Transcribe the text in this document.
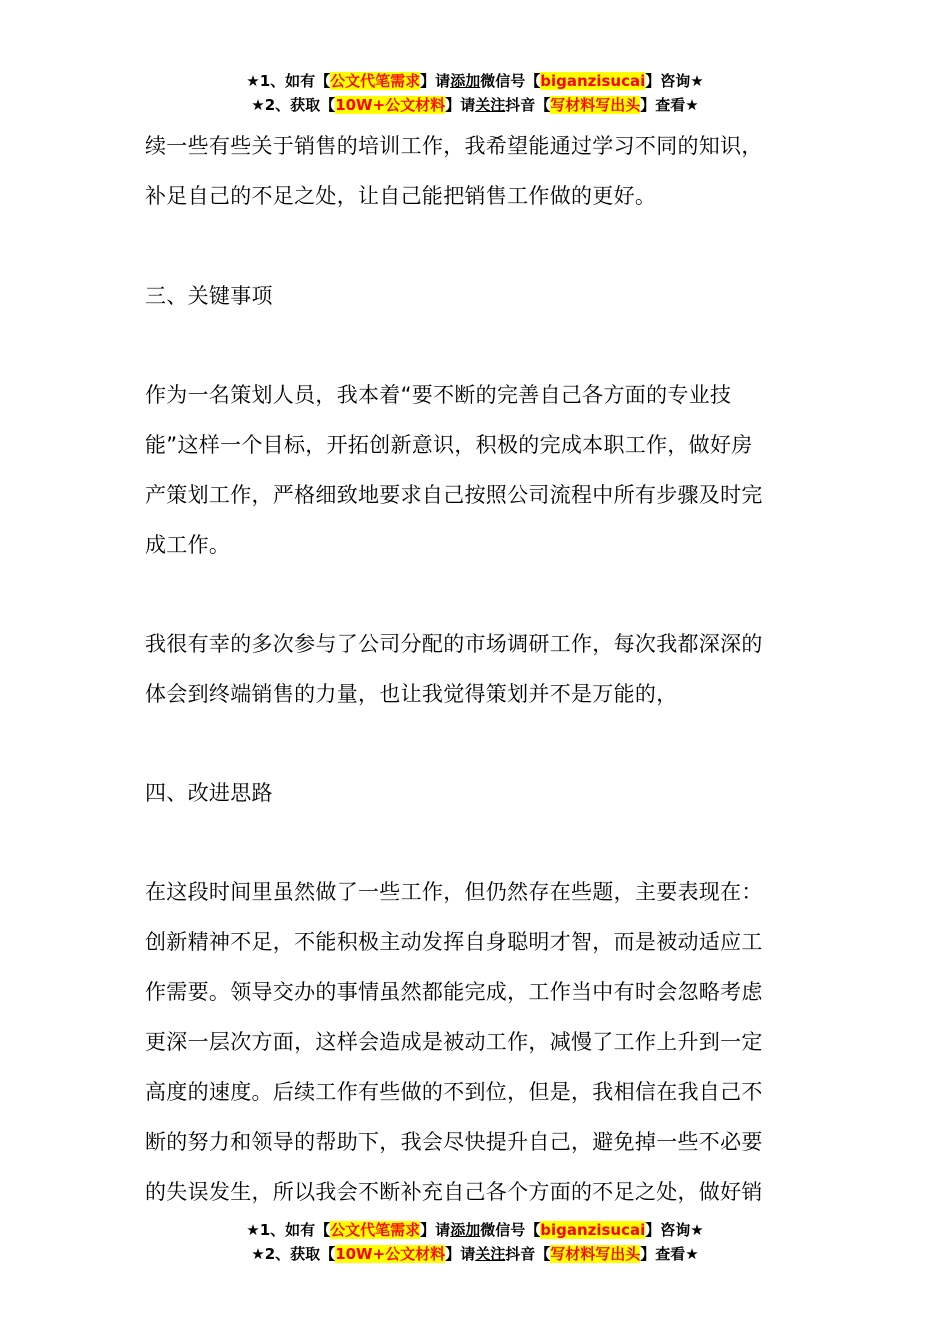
★1、如有【公文代笔需求】请添加微信号【biganzisucai】咨询★
★2、获取【10W+公文材料】请关注抖音【写材料写出头】查看★
续一些有些关于销售的培训工作，我希望能通过学习不同的知识，
补足自己的不足之处，让自己能把销售工作做的更好。
三、关键事项
作为一名策划人员，我本着“要不断的完善自己各方面的专业技
能”这样一个目标，开拓创新意识，积极的完成本职工作，做好房
产策划工作，严格细致地要求自己按照公司流程中所有步骤及时完
成工作。
我很有幸的多次参与了公司分配的市场调研工作，每次我都深深的
体会到终端销售的力量，也让我觉得策划并不是万能的，
四、改进思路
在这段时间里虽然做了一些工作，但仍然存在些题，主要表现在：
创新精神不足，不能积极主动发挥自身聪明才智，而是被动适应工
作需要。领导交办的事情虽然都能完成，工作当中有时会忽略考虑
更深一层次方面，这样会造成是被动工作，减慢了工作上升到一定
高度的速度。后续工作有些做的不到位，但是，我相信在我自己不
断的努力和领导的帮助下，我会尽快提升自己，避免掉一些不必要
的失误发生，所以我会不断补充自己各个方面的不足之处，做好销
★1、如有【公文代笔需求】请添加微信号【biganzisucai】咨询★
★2、获取【10W+公文材料】请关注抖音【写材料写出头】查看★
